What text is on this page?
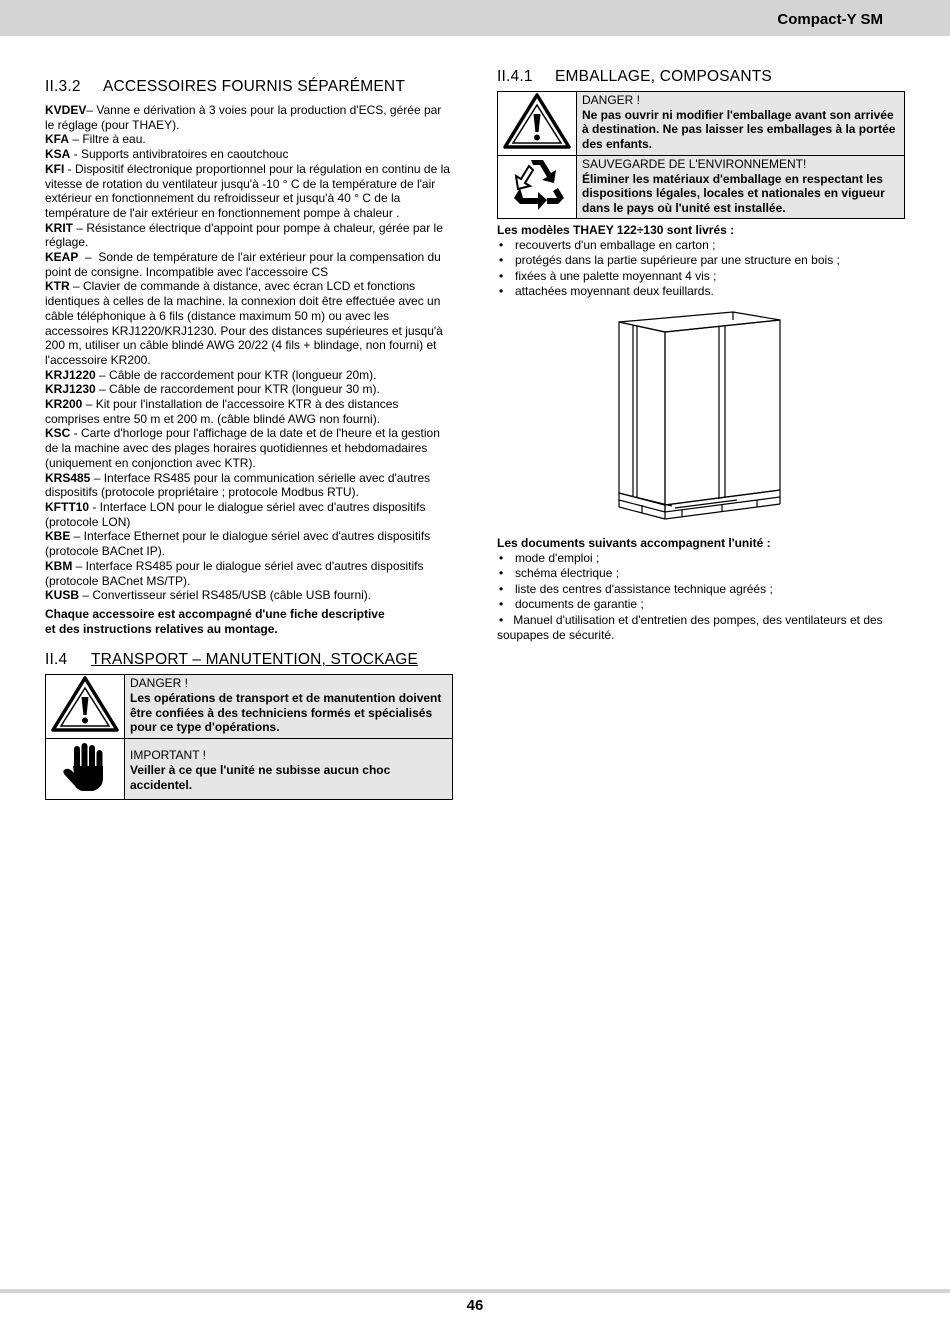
Compact-Y SM
II.3.2	ACCESSOIRES FOURNIS SÉPARÉMENT

KVDEV– Vanne e dérivation à 3 voies pour la production d'ECS, gérée par  le réglage (pour THAEY).

KFA – Filtre à eau.

KSA - Supports antivibratoires en caoutchouc

KFI - Dispositif électronique proportionnel pour la régulation en continu de la vitesse de rotation du ventilateur jusqu'à -10 ° C de la température de l'air extérieur en fonctionnement du refroidisseur et jusqu'à 40 ° C de la température de l'air extérieur en fonctionnement pompe à chaleur .

KRIT – Résistance électrique d'appoint pour pompe à chaleur, gérée par le réglage.

KEAP  –  Sonde de température de l'air extérieur pour la compensation du point de consigne. Incompatible avec l'accessoire CS

KTR – Clavier de commande à distance, avec écran LCD et fonctions identiques à celles de la machine. la connexion doit être effectuée avec un câble téléphonique à 6 fils (distance maximum 50 m) ou avec les accessoires KRJ1220/KRJ1230. Pour des distances supérieures et jusqu'à 200 m, utiliser un câble blindé AWG 20/22 (4 fils + blindage, non fourni) et l'accessoire KR200.

KRJ1220 – Câble de raccordement pour KTR (longueur 20m).

KRJ1230 – Câble de raccordement pour KTR (longueur 30 m).

KR200 – Kit pour l'installation de l'accessoire KTR à des distances comprises entre 50 m et 200 m. (câble blindé AWG non fourni).

KSC - Carte d'horloge pour l'affichage de la date et de l'heure et la gestion de la machine avec des plages horaires quotidiennes et hebdomadaires (uniquement en conjonction avec KTR).

KRS485 – Interface RS485 pour la communication sérielle avec d'autres dispositifs (protocole propriétaire ; protocole Modbus RTU).

KFTT10 - Interface LON pour le dialogue sériel avec d'autres dispositifs (protocole LON)

KBE – Interface Ethernet pour le dialogue sériel avec d'autres dispositifs (protocole BACnet IP).

KBM – Interface RS485 pour le dialogue sériel avec d'autres dispositifs (protocole BACnet MS/TP).

KUSB – Convertisseur sériel RS485/USB (câble USB fourni).

Chaque accessoire est accompagné d'une fiche descriptive
et des instructions relatives au montage.
II.4	TRANSPORT – MANUTENTION, STOCKAGE

DANGER !
Les opérations de transport et de manutention doivent être confiées à des techniciens formés et spécialisés pour ce type d'opérations.

IMPORTANT !
Veiller à ce que l'unité ne subisse aucun choc accidentel.
II.4.1	EMBALLAGE, COMPOSANTS

DANGER !
Ne pas ouvrir ni modifier l'emballage avant son arrivée à destination. Ne pas laisser les emballages à la portée des enfants.

SAUVEGARDE DE L'ENVIRONNEMENT!
Éliminer les matériaux d'emballage en respectant les dispositions légales, locales et nationales en vigueur dans le pays où l'unité est installée.
Les modèles THAEY 122÷130 sont livrés :
• recouverts d'un emballage en carton ;
• protégés dans la partie supérieure par une structure en bois ;
• fixées à une palette moyennant 4 vis ;
• attachées moyennant deux feuillards.
Les documents suivants accompagnent l'unité :
• mode d'emploi ;
• schéma électrique ;
• liste des centres d'assistance technique agréés ;
• documents de garantie ;
• Manuel d'utilisation et d'entretien des pompes, des ventilateurs et des soupapes de sécurité.
46
